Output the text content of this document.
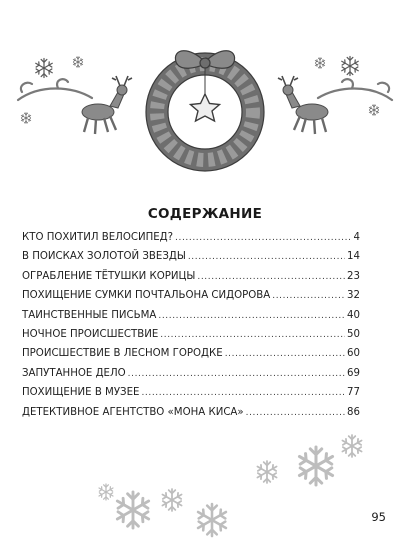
СОДЕРЖАНИЕ
КТО ПОХИТИЛ ВЕЛОСИПЕД? .....	4
В ПОИСКАХ ЗОЛОТОЙ ЗВЕЗДЫ .....	14
ОГРАБЛЕНИЕ ТЁТУШКИ КОРИЦЫ .....	23
ПОХИЩЕНИЕ СУМКИ ПОЧТАЛЬОНА СИДОРОВА .....	32
ТАИНСТВЕННЫЕ ПИСЬМА .....	40
НОЧНОЕ ПРОИСШЕСТВИЕ .....	50
ПРОИСШЕСТВИЕ В ЛЕСНОМ ГОРОДКЕ .....	60
ЗАПУТАННОЕ ДЕЛО .....	69
ПОХИЩЕНИЕ В МУЗЕЕ .....	77
ДЕТЕКТИВНОЕ АГЕНТСТВО «МОНА КИСА» .....	86
95
